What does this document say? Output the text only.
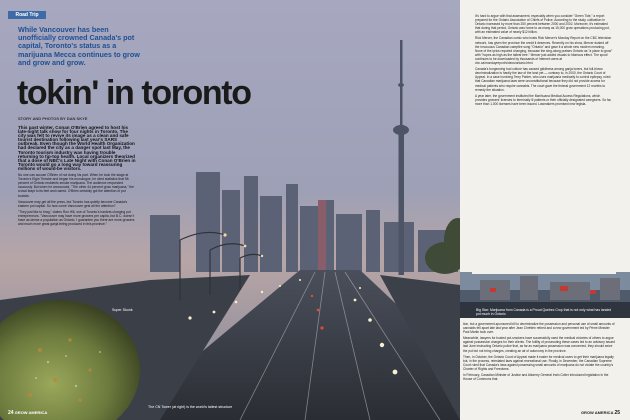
Big Star: Marijuana from Canada is a Proud Quebec Crop that is not only what has landed pot much in Ontario
Road Trip
While Vancouver has been unofficially crowned Canada's pot capital, Toronto's status as a marijuana Mecca continues to grow and grow and grow.
tokin' in toronto
STORY AND PHOTOS BY DAN SKYE

This past winter, Conan O'Brien agreed to host his late-night talk show for four nights in Toronto. The city was felt to revive its image as a clean and safe tourist destination following last year's SARS outbreak. Even though the World Health Organization had declared the city as a danger spot last May, the Toronto tourism industry was having trouble returning to tip-top health. Local organizers theorized that a dose of NBC's Late Night with Conan O'Brien in Toronto would go a long way toward reassuring millions of would-be visitors.

No one can accuse O'Brien of not doing his part. When he took the stage at Toronto's Elgin Theatre and began his monologue, he cited statistics that 56 percent of Ontario residents smoke marijuana. The audience responded raucously. But when he announced, "The other 44 percent grow marijuana," the crowd leapt to its feet and roared. O'Brien certainly got the attention of pot tourists.

Vancouver may get all the press, but Toronto has quietly become Canada's eastern pot capital. So how come Vancouver gets all the attention?

"They just like to brag," claims Ron Hill, one of Toronto's hardest-charging pot entrepreneurs. "Vancouver may have more growers per capita, but B.C. doesn't have as dense a population as Ontario. I guarantee you there are more growers and much more great ganja being produced in this province."

It's hard to argue with that assessment, especially when you consider "Green Tide," a report prepared for the Ontario Association of Chiefs of Police. According to the study, cultivation in Ontario increased by more than 250 percent between 2000 and 2002. Moreover, it's estimated that during that period, Ontario was home to as many as 15,000 grow operations producing pot, with an estimated value of nearly $12 billion.

Rick Mercer, the Canadian comic who hosts Rick Mercer's Monday Report on the CBC television network, has given the province the credit it deserves. Recently on his show, Mercer dusted off the innocuous Canadian campfire song "Ontario" and gave it a whole new modern meaning. None of the lyrics required changing, because the sing-along praises Ontario as "a place to grow" with "hopes as high as the tallest tree." Mercer just added visuals to hilarious effect. The spoof continues to be downloaded by thousands of Internet users at cbc.ca/mondayreport/videos/ontario.html.

Canada's burgeoning bud culture has caused giddiness among ganja lovers, but full-blown decriminalization is hardly the law of the land yet — contrary to, in 2000, the Ontario Court of Appeal. In a case involving Terry Parker, who uses marijuana medically to control epilepsy, ruled that Canadian marijuana laws were unconstitutional because they did not provide access for medical patients who require cannabis. The court gave the federal government 12 months to remedy the situation.

A year later, the government instituted the Marihuana Medical Access Regulations, which provides growers' licenses to terminally ill patients or their officially designated caregivers. So far, more than 1,000 licenses have been issued. Lawmakers promised new legisla-

tion, but a government-sponsored bill to decriminalize the possession and personal use of small amounts of cannabis fell apart late last year after Jean Chrétien retired and a new government led by Prime Minister Paul Martin took over.

Meanwhile, lawyers for busted pot-smokers have successfully used the medical victories of others to argue against possession charges for their clients. The futility of prosecuting these cases led to an advisory issued last June instructing Ontario police that, as far as marijuana possession was concerned, they should seize the pot but not bring charges, creating an air of autonomy in the province.

Then, in October, the Ontario Court of Appeal made it easier for medical users to get their marijuana legally but, in the process, reinstated laws against recreational use. Finally, in December, the Canadian Supreme Court ruled that Canada's laws against possessing small amounts of marijuana do not violate the country's Charter of Rights and Freedoms.

In February, Canadian Minister of Justice and Attorney General Irwin Cotler introduced legislation in the House of Commons that

Super Skunk
The CN Tower (at right) is the world's tallest structure
24 GROW AMERICA	GROW AMERICA 25
